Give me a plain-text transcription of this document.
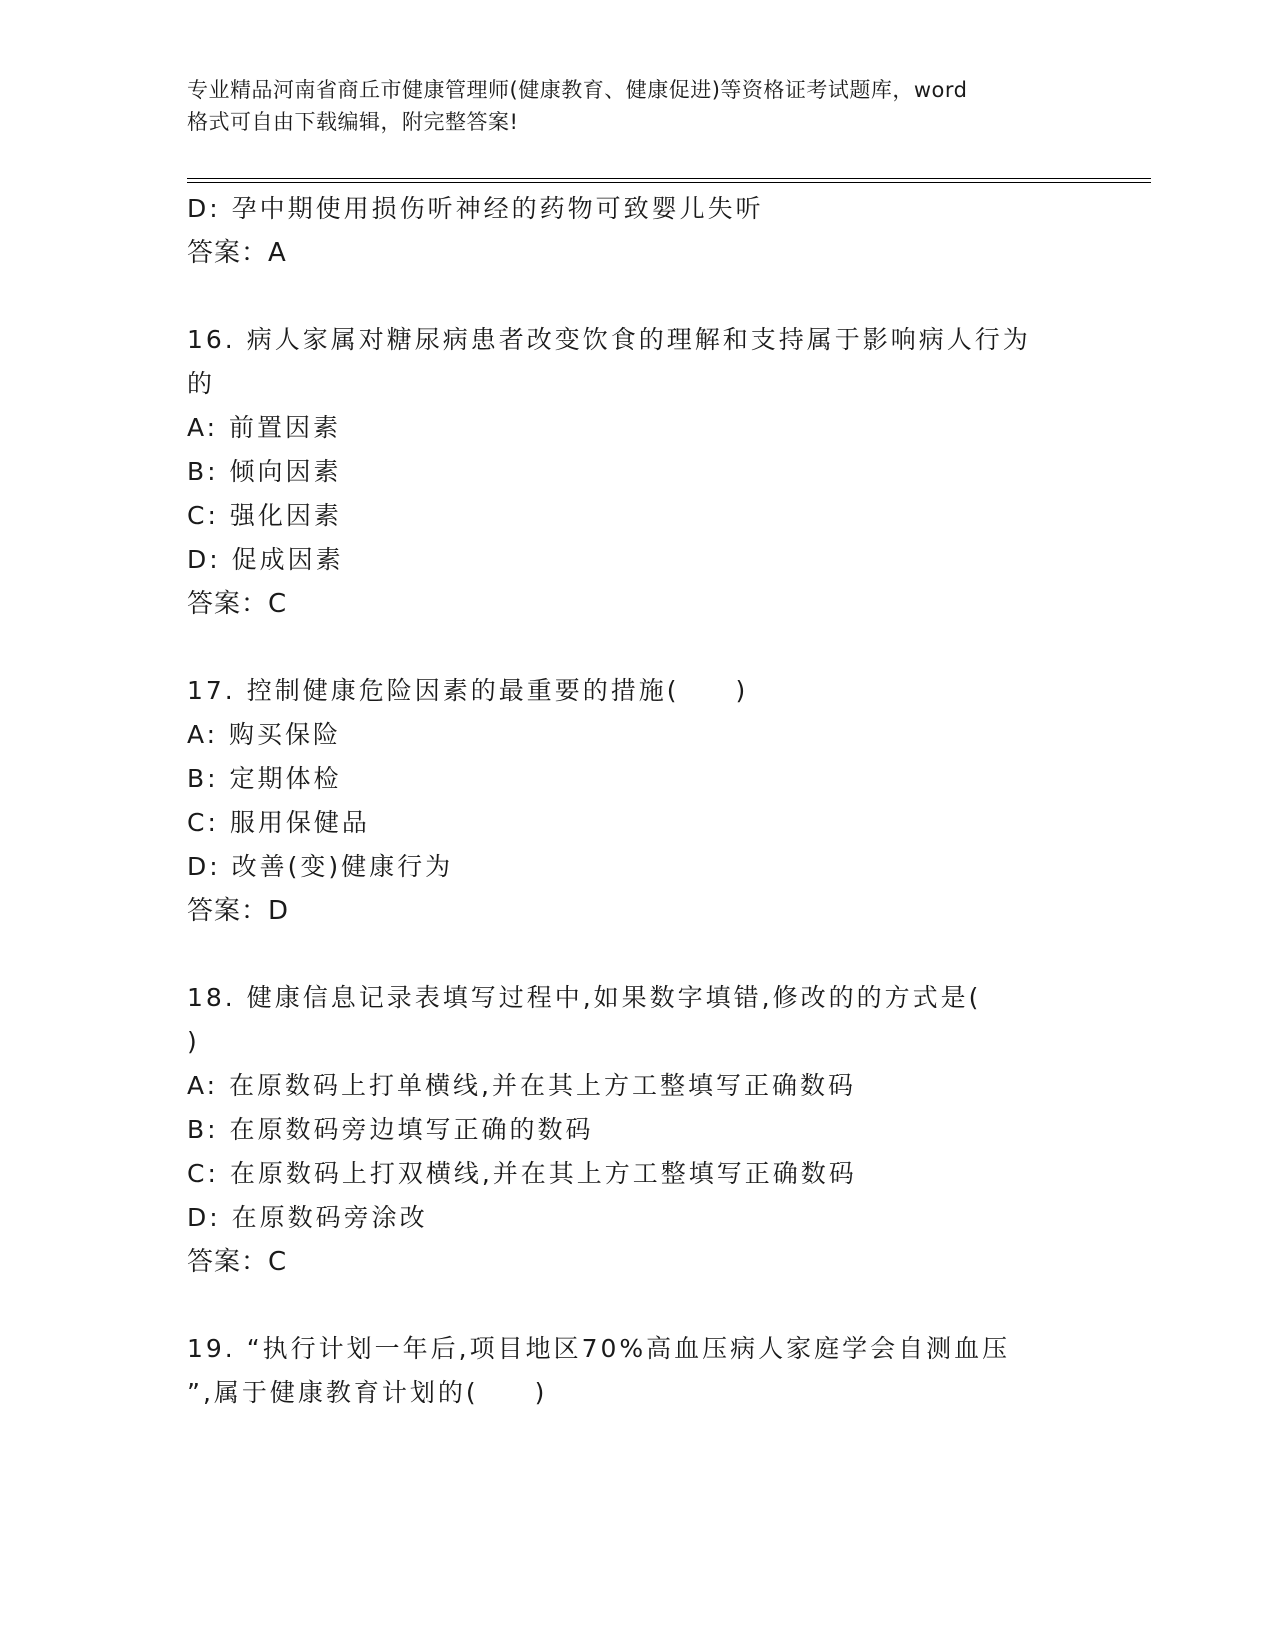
专业精品河南省商丘市健康管理师(健康教育、健康促进)等资格证考试题库，word
格式可自由下载编辑，附完整答案!
D: 孕中期使用损伤听神经的药物可致婴儿失听
答案：A
16. 病人家属对糖尿病患者改变饮食的理解和支持属于影响病人行为
的
A: 前置因素
B: 倾向因素
C: 强化因素
D: 促成因素
答案：C
17. 控制健康危险因素的最重要的措施(　　)
A: 购买保险
B: 定期体检
C: 服用保健品
D: 改善(变)健康行为
答案：D
18. 健康信息记录表填写过程中,如果数字填错,修改的的方式是(
)
A: 在原数码上打单横线,并在其上方工整填写正确数码
B: 在原数码旁边填写正确的数码
C: 在原数码上打双横线,并在其上方工整填写正确数码
D: 在原数码旁涂改
答案：C
19. “执行计划一年后,项目地区70%高血压病人家庭学会自测血压
”,属于健康教育计划的(　　)
